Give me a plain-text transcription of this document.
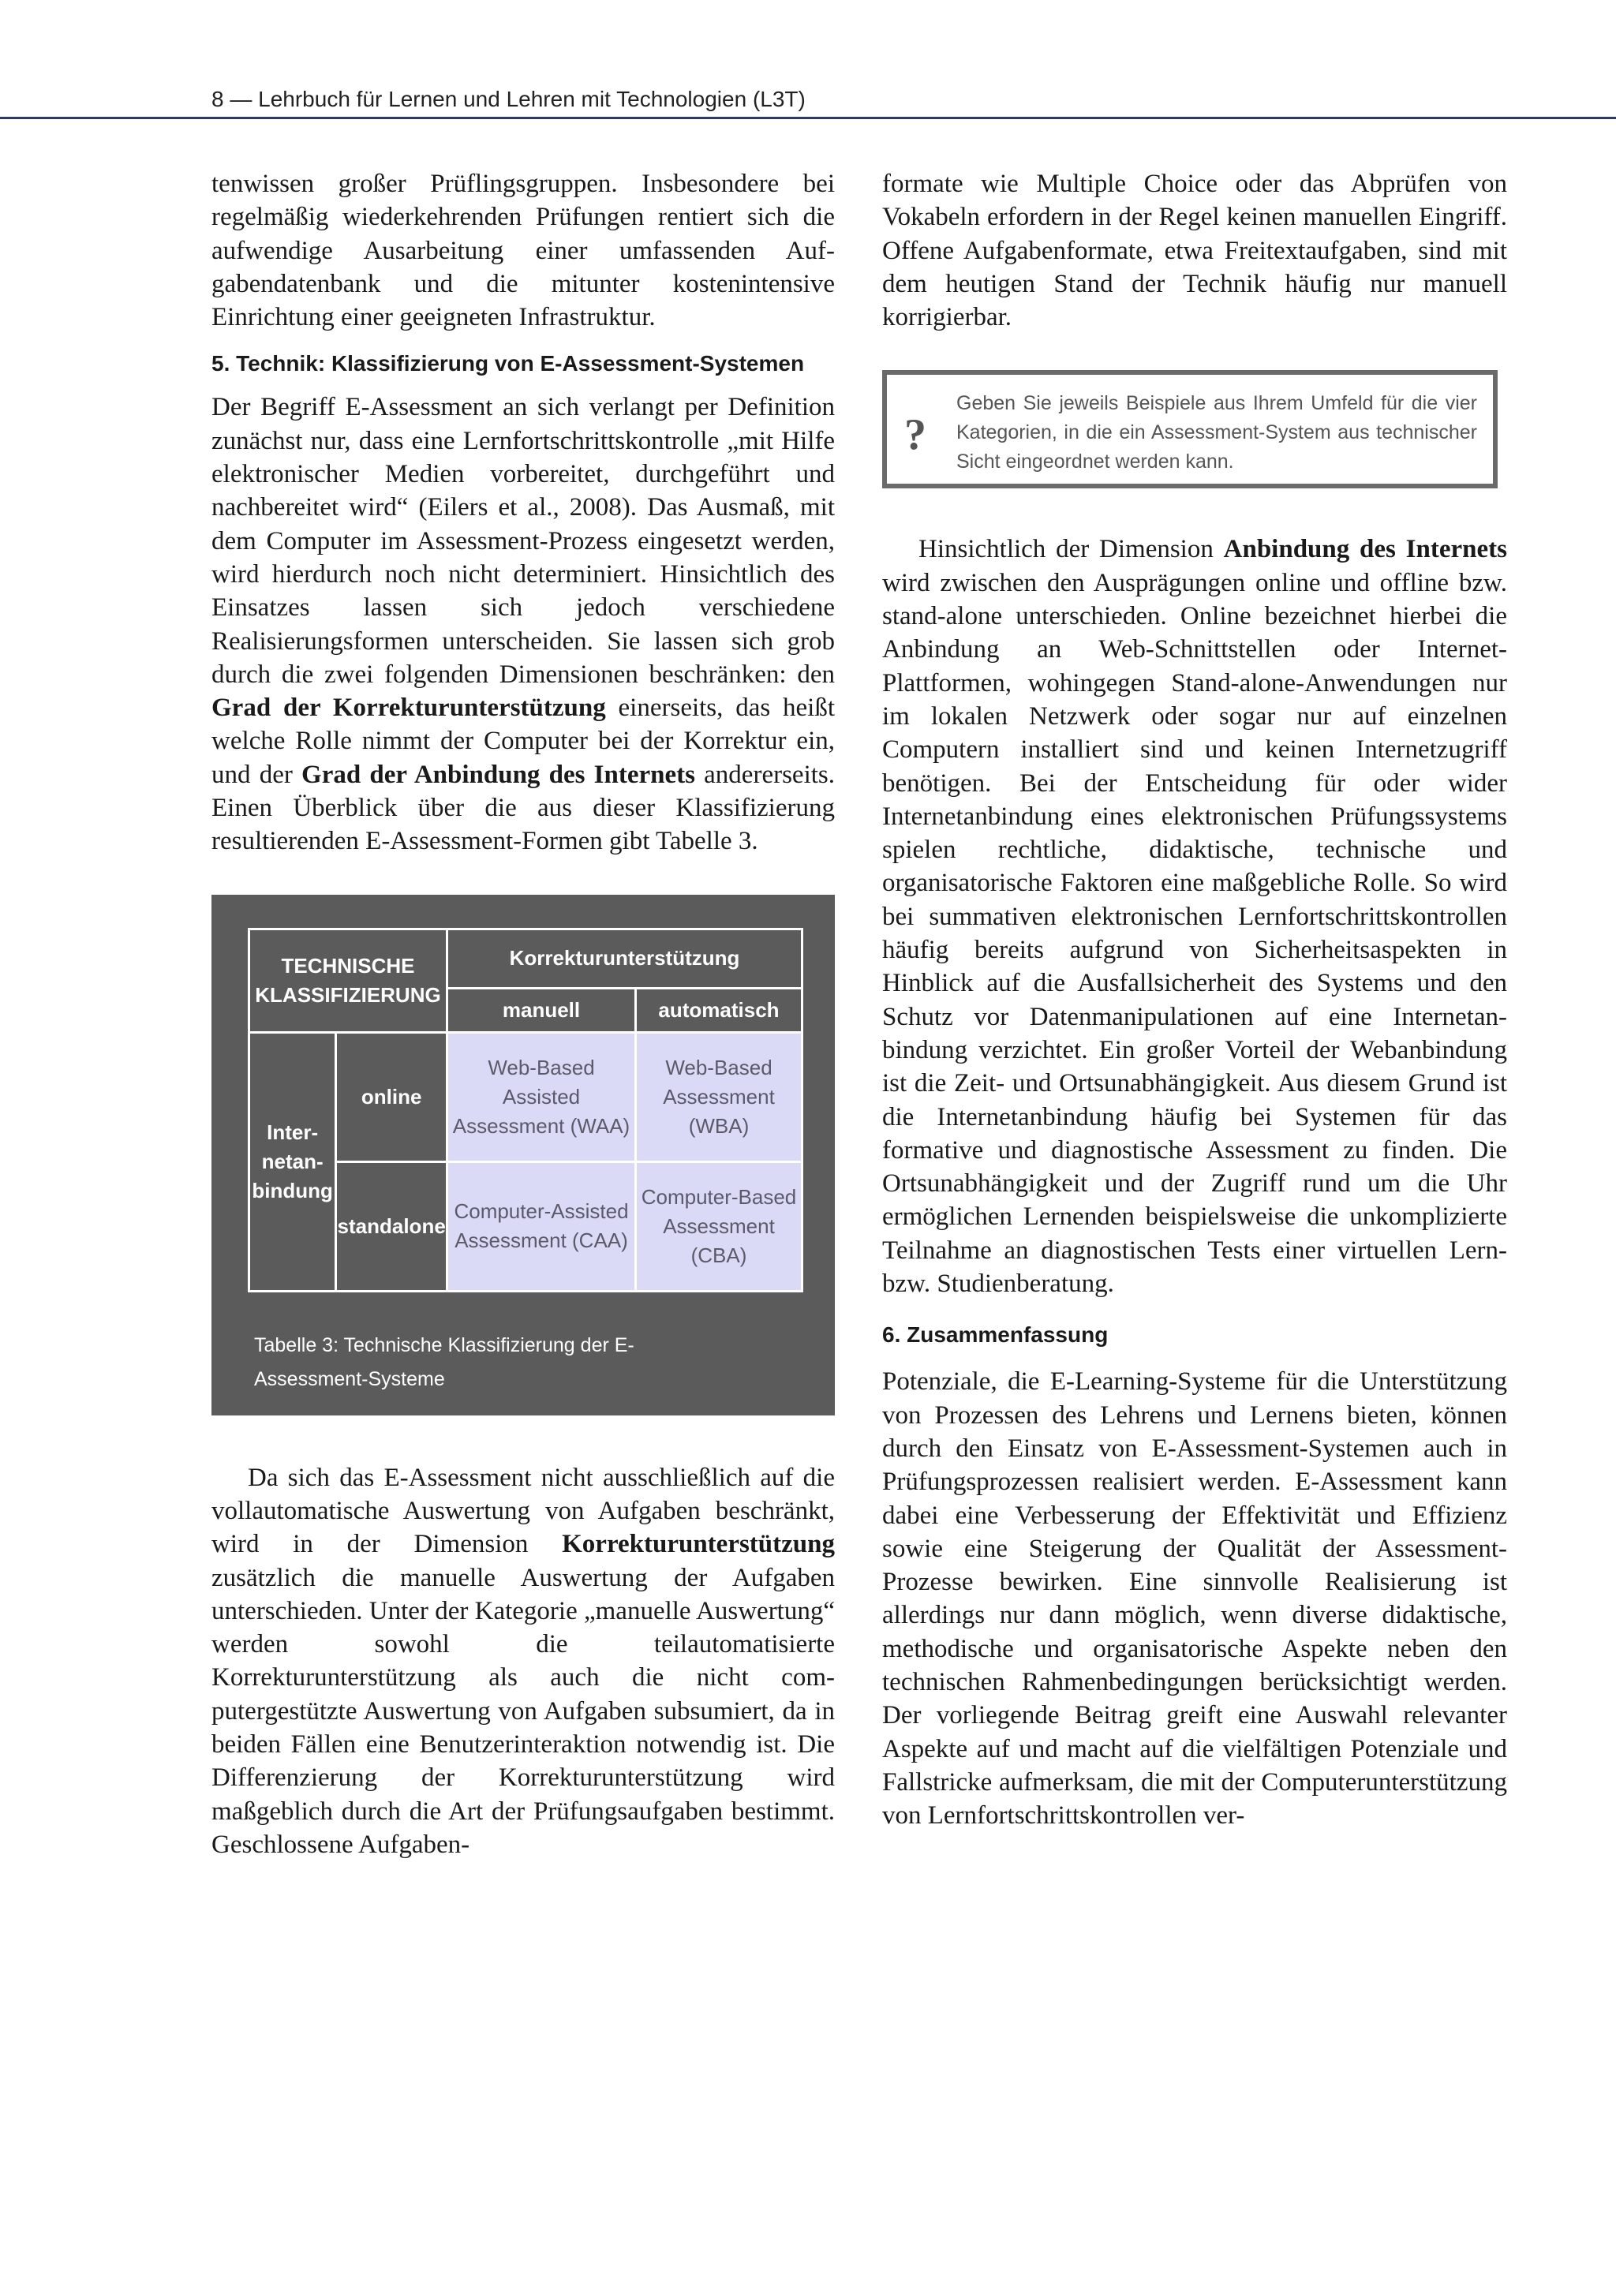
8 — Lehrbuch für Lernen und Lehren mit Technologien (L3T)

tenwissen großer Prüflingsgruppen. Insbesondere bei regelmäßig wiederkehrenden Prüfungen rentiert sich die aufwendige Ausarbeitung einer umfassenden Aufgabendatenbank und die mitunter kostenintensive Einrichtung einer geeigneten Infrastruktur.

5. Technik: Klassifizierung von E-Assessment-Systemen

Der Begriff E-Assessment an sich verlangt per Definition zunächst nur, dass eine Lernfortschrittskontrolle „mit Hilfe elektronischer Medien vorbereitet, durchgeführt und nachbereitet wird“ (Eilers et al., 2008). Das Ausmaß, mit dem Computer im Assessment-Prozess eingesetzt werden, wird hierdurch noch nicht determiniert. Hinsichtlich des Einsatzes lassen sich jedoch verschiedene Realisierungsformen unterscheiden. Sie lassen sich grob durch die zwei folgenden Dimensionen beschränken: den Grad der Korrekturunterstützung einerseits, das heißt welche Rolle nimmt der Computer bei der Korrektur ein, und der Grad der Anbindung des Internets andererseits. Einen Überblick über die aus dieser Klassifizierung resultierenden E-Assessment-Formen gibt Tabelle 3.

TECHNISCHE KLASSIFIZIERUNG		Korrekturunterstützung	
		manuell	automatisch
Internetanbindung	online	Web-Based Assisted Assessment (WAA)	Web-Based Assessment (WBA)
	standalone	Computer-Assisted Assessment (CAA)	Computer-Based Assessment (CBA)
Tabelle 3: Technische Klassifizierung der E-Assessment-Systeme

Da sich das E-Assessment nicht ausschließlich auf die vollautomatische Auswertung von Aufgaben beschränkt, wird in der Dimension Korrekturunterstützung zusätzlich die manuelle Auswertung der Aufgaben unterschieden. Unter der Kategorie „manuelle Auswertung“ werden sowohl die teilautomatisierte Korrekturunterstützung als auch die nicht computergestützte Auswertung von Aufgaben subsumiert, da in beiden Fällen eine Benutzerinteraktion notwendig ist. Die Differenzierung der Korrekturunterstützung wird maßgeblich durch die Art der Prüfungsaufgaben bestimmt. Geschlossene Aufgaben-

formate wie Multiple Choice oder das Abprüfen von Vokabeln erfordern in der Regel keinen manuellen Eingriff. Offene Aufgabenformate, etwa Freitextaufgaben, sind mit dem heutigen Stand der Technik häufig nur manuell korrigierbar.

?
Geben Sie jeweils Beispiele aus Ihrem Umfeld für die vier Kategorien, in die ein Assessment-System aus technischer Sicht eingeordnet werden kann.

Hinsichtlich der Dimension Anbindung des Internets wird zwischen den Ausprägungen online und offline bzw. stand-alone unterschieden. Online bezeichnet hierbei die Anbindung an Web-Schnittstellen oder Internet-Plattformen, wohingegen Stand-alone-Anwendungen nur im lokalen Netzwerk oder sogar nur auf einzelnen Computern installiert sind und keinen Internetzugriff benötigen. Bei der Entscheidung für oder wider Internetanbindung eines elektronischen Prüfungssystems spielen rechtliche, didaktische, technische und organisatorische Faktoren eine maßgebliche Rolle. So wird bei summativen elektronischen Lernfortschrittskontrollen häufig bereits aufgrund von Sicherheitsaspekten in Hinblick auf die Ausfallsicherheit des Systems und den Schutz vor Datenmanipulationen auf eine Internetanbindung verzichtet. Ein großer Vorteil der Webanbindung ist die Zeit- und Ortsunabhängigkeit. Aus diesem Grund ist die Internetanbindung häufig bei Systemen für das formative und diagnostische Assessment zu finden. Die Ortsunabhängigkeit und der Zugriff rund um die Uhr ermöglichen Lernenden beispielsweise die unkomplizierte Teilnahme an diagnostischen Tests einer virtuellen Lern- bzw. Studienberatung.

6. Zusammenfassung

Potenziale, die E-Learning-Systeme für die Unterstützung von Prozessen des Lehrens und Lernens bieten, können durch den Einsatz von E-Assessment-Systemen auch in Prüfungsprozessen realisiert werden. E-Assessment kann dabei eine Verbesserung der Effektivität und Effizienz sowie eine Steigerung der Qualität der Assessment-Prozesse bewirken. Eine sinnvolle Realisierung ist allerdings nur dann möglich, wenn diverse didaktische, methodische und organisatorische Aspekte neben den technischen Rahmenbedingungen berücksichtigt werden. Der vorliegende Beitrag greift eine Auswahl relevanter Aspekte auf und macht auf die vielfältigen Potenziale und Fallstricke aufmerksam, die mit der Computerunterstützung von Lernfortschrittskontrollen ver-
